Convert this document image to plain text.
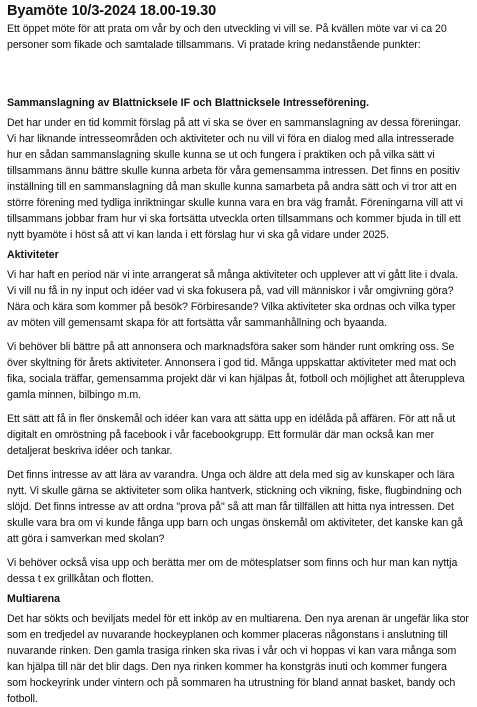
Byamöte 10/3-2024 18.00-19.30

Ett öppet möte för att prata om vår by och den utveckling vi vill se. På kvällen möte var vi ca 20 personer som fikade och samtalade tillsammans. Vi pratade kring nedanstående punkter:

Sammanslagning av Blattnicksele IF och Blattnicksele Intresseförening.

Det har under en tid kommit förslag på att vi ska se över en sammanslagning av dessa föreningar. Vi har liknande intresseområden och aktiviteter och nu vill vi föra en dialog med alla intresserade hur en sådan sammanslagning skulle kunna se ut och fungera i praktiken och på vilka sätt vi tillsammans ännu bättre skulle kunna arbeta för våra gemensamma intressen. Det finns en positiv inställning till en sammanslagning då man skulle kunna samarbeta på andra sätt och vi tror att en större förening med tydliga inriktningar skulle kunna vara en bra väg framåt. Föreningarna vill att vi tillsammans jobbar fram hur vi ska fortsätta utveckla orten tillsammans och kommer bjuda in till ett nytt byamöte i höst så att vi kan landa i ett förslag hur vi ska gå vidare under 2025.

Aktiviteter

Vi har haft en period när vi inte arrangerat så många aktiviteter och upplever att vi gått lite i dvala. Vi vill nu få in ny input och idéer vad vi ska fokusera på, vad vill människor i vår omgivning göra? Nära och kära som kommer på besök? Förbiresande? Vilka aktiviteter ska ordnas och vilka typer av möten vill gemensamt skapa för att fortsätta vår sammanhållning och byaanda.

Vi behöver bli bättre på att annonsera och marknadsföra saker som händer runt omkring oss. Se över skyltning för årets aktiviteter. Annonsera i god tid. Många uppskattar aktiviteter med mat och fika, sociala träffar, gemensamma projekt där vi kan hjälpas åt, fotboll och möjlighet att återuppleva gamla minnen, bilbingo m.m.

Ett sätt att få in fler önskemål och idéer kan vara att sätta upp en idélåda på affären. För att nå ut digitalt en omröstning på facebook i vår facebookgrupp. Ett formulär där man också kan mer detaljerat beskriva idéer och tankar.

Det finns intresse av att lära av varandra. Unga och äldre att dela med sig av kunskaper och lära nytt. Vi skulle gärna se aktiviteter som olika hantverk, stickning och vikning, fiske, flugbindning och slöjd. Det finns intresse av att ordna "prova på" så att man får tillfällen att hitta nya intressen. Det skulle vara bra om vi kunde fånga upp barn och ungas önskemål om aktiviteter, det kanske kan gå att göra i samverkan med skolan?

Vi behöver också visa upp och berätta mer om de mötesplatser som finns och hur man kan nyttja dessa t ex grillkåtan och flotten.

Multiarena

Det har sökts och beviljats medel för ett inköp av en multiarena. Den nya arenan är ungefär lika stor som en tredjedel av nuvarande hockeyplanen och kommer placeras någonstans i anslutning till nuvarande rinken. Den gamla trasiga rinken ska rivas i vår och vi hoppas vi kan vara många som kan hjälpa till när det blir dags. Den nya rinken kommer ha konstgräs inuti och kommer fungera som hockeyrink under vintern och på sommaren ha utrustning för bland annat basket, bandy och fotboll.
